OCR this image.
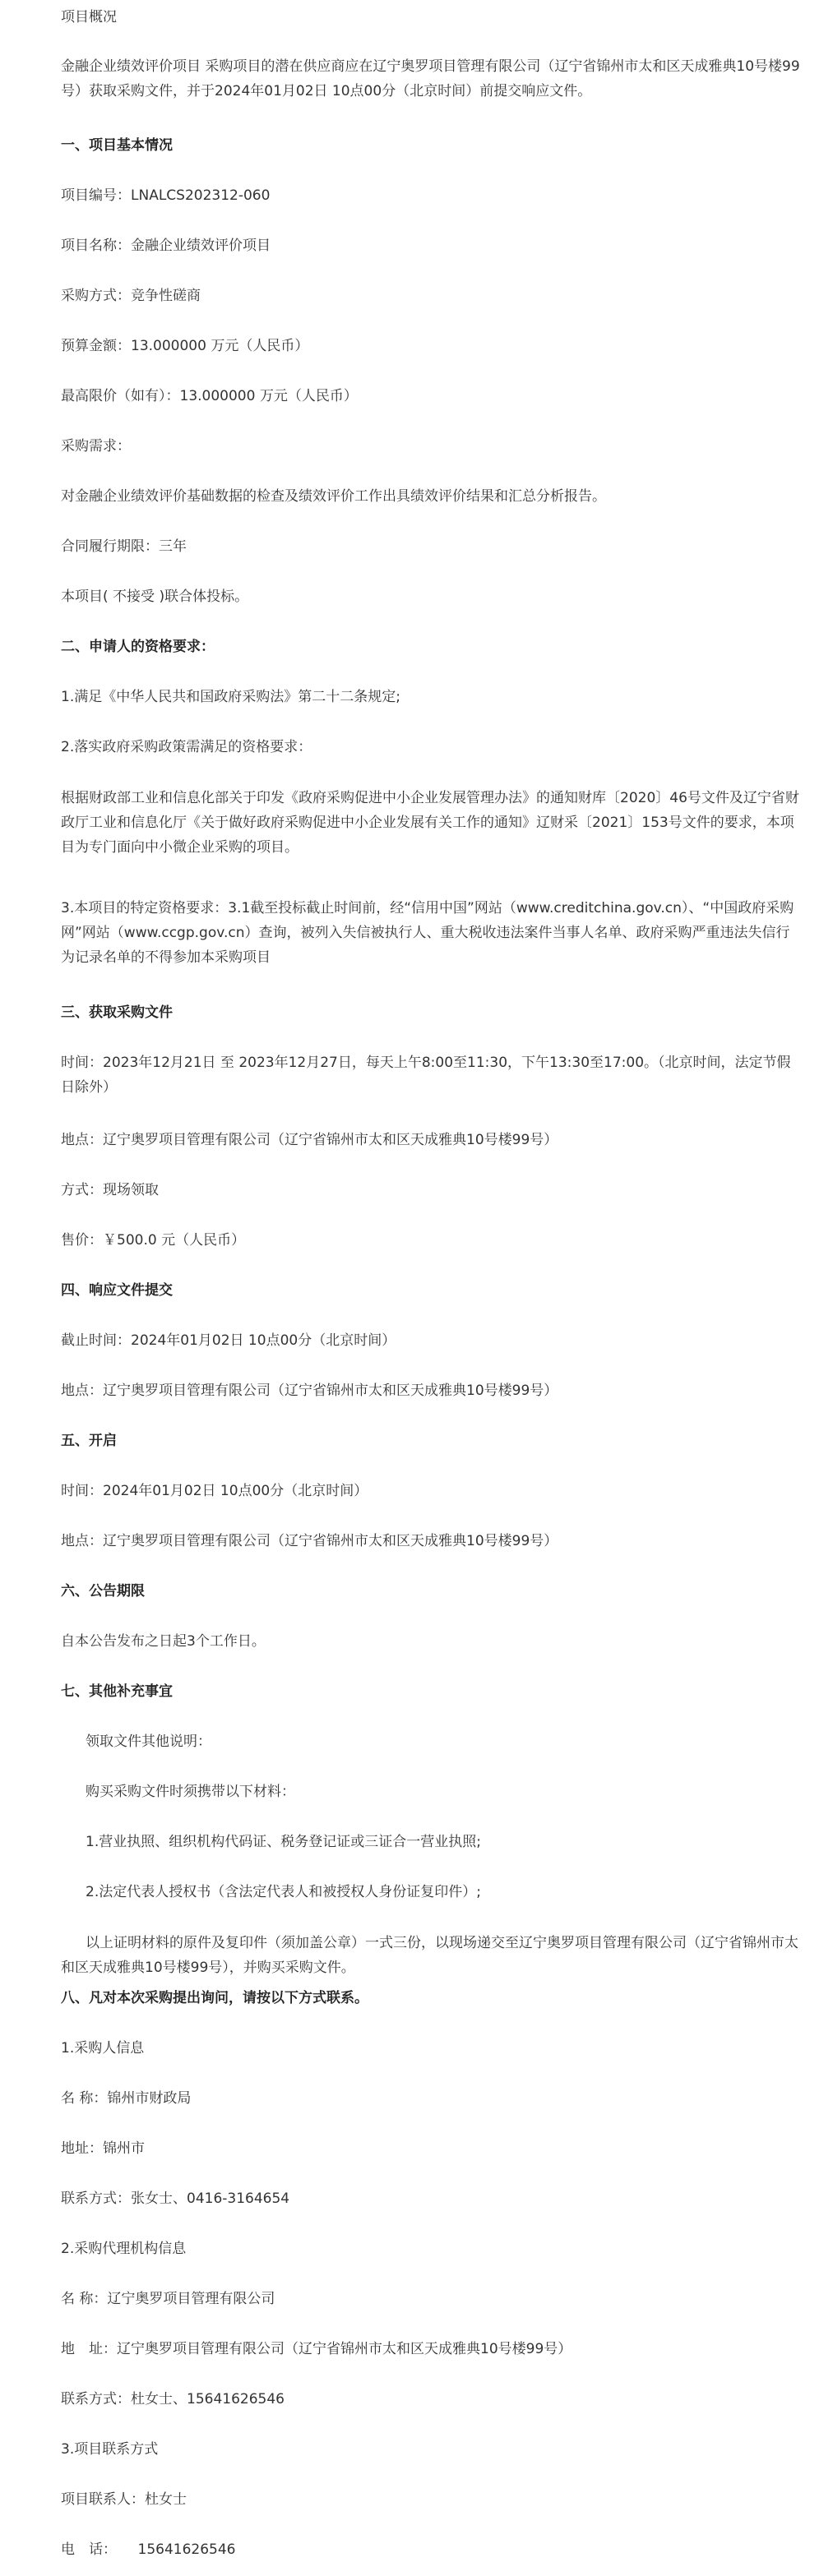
项目概况

金融企业绩效评价项目 采购项目的潜在供应商应在辽宁奥罗项目管理有限公司（辽宁省锦州市太和区天成雅典10号楼99号）获取采购文件，并于2024年01月02日 10点00分（北京时间）前提交响应文件。

一、项目基本情况

项目编号：LNALCS202312-060

项目名称：金融企业绩效评价项目

采购方式：竞争性磋商

预算金额：13.000000 万元（人民币）

最高限价（如有）：13.000000 万元（人民币）

采购需求：

对金融企业绩效评价基础数据的检查及绩效评价工作出具绩效评价结果和汇总分析报告。

合同履行期限：三年

本项目( 不接受 )联合体投标。

二、申请人的资格要求：

1.满足《中华人民共和国政府采购法》第二十二条规定;

2.落实政府采购政策需满足的资格要求：

根据财政部工业和信息化部关于印发《政府采购促进中小企业发展管理办法》的通知财库〔2020〕46号文件及辽宁省财政厅工业和信息化厅《关于做好政府采购促进中小企业发展有关工作的通知》辽财采〔2021〕153号文件的要求，本项目为专门面向中小微企业采购的项目。

3.本项目的特定资格要求：3.1截至投标截止时间前，经“信用中国”网站（www.creditchina.gov.cn）、“中国政府采购网”网站（www.ccgp.gov.cn）查询，被列入失信被执行人、重大税收违法案件当事人名单、政府采购严重违法失信行为记录名单的不得参加本采购项目

三、获取采购文件

时间：2023年12月21日 至 2023年12月27日，每天上午8:00至11:30，下午13:30至17:00。（北京时间，法定节假日除外）

地点：辽宁奥罗项目管理有限公司（辽宁省锦州市太和区天成雅典10号楼99号）

方式：现场领取

售价：￥500.0 元（人民币）

四、响应文件提交

截止时间：2024年01月02日 10点00分（北京时间）

地点：辽宁奥罗项目管理有限公司（辽宁省锦州市太和区天成雅典10号楼99号）

五、开启

时间：2024年01月02日 10点00分（北京时间）

地点：辽宁奥罗项目管理有限公司（辽宁省锦州市太和区天成雅典10号楼99号）

六、公告期限

自本公告发布之日起3个工作日。

七、其他补充事宜

领取文件其他说明：

购买采购文件时须携带以下材料：

1.营业执照、组织机构代码证、税务登记证或三证合一营业执照;

2.法定代表人授权书（含法定代表人和被授权人身份证复印件）;

以上证明材料的原件及复印件（须加盖公章）一式三份，以现场递交至辽宁奥罗项目管理有限公司（辽宁省锦州市太和区天成雅典10号楼99号），并购买采购文件。

八、凡对本次采购提出询问，请按以下方式联系。

1.采购人信息

名 称：锦州市财政局

地址：锦州市

联系方式：张女士、0416-3164654

2.采购代理机构信息

名 称：辽宁奥罗项目管理有限公司

地　址：辽宁奥罗项目管理有限公司（辽宁省锦州市太和区天成雅典10号楼99号）

联系方式：杜女士、15641626546

3.项目联系方式

项目联系人：杜女士

电　话：　　15641626546
